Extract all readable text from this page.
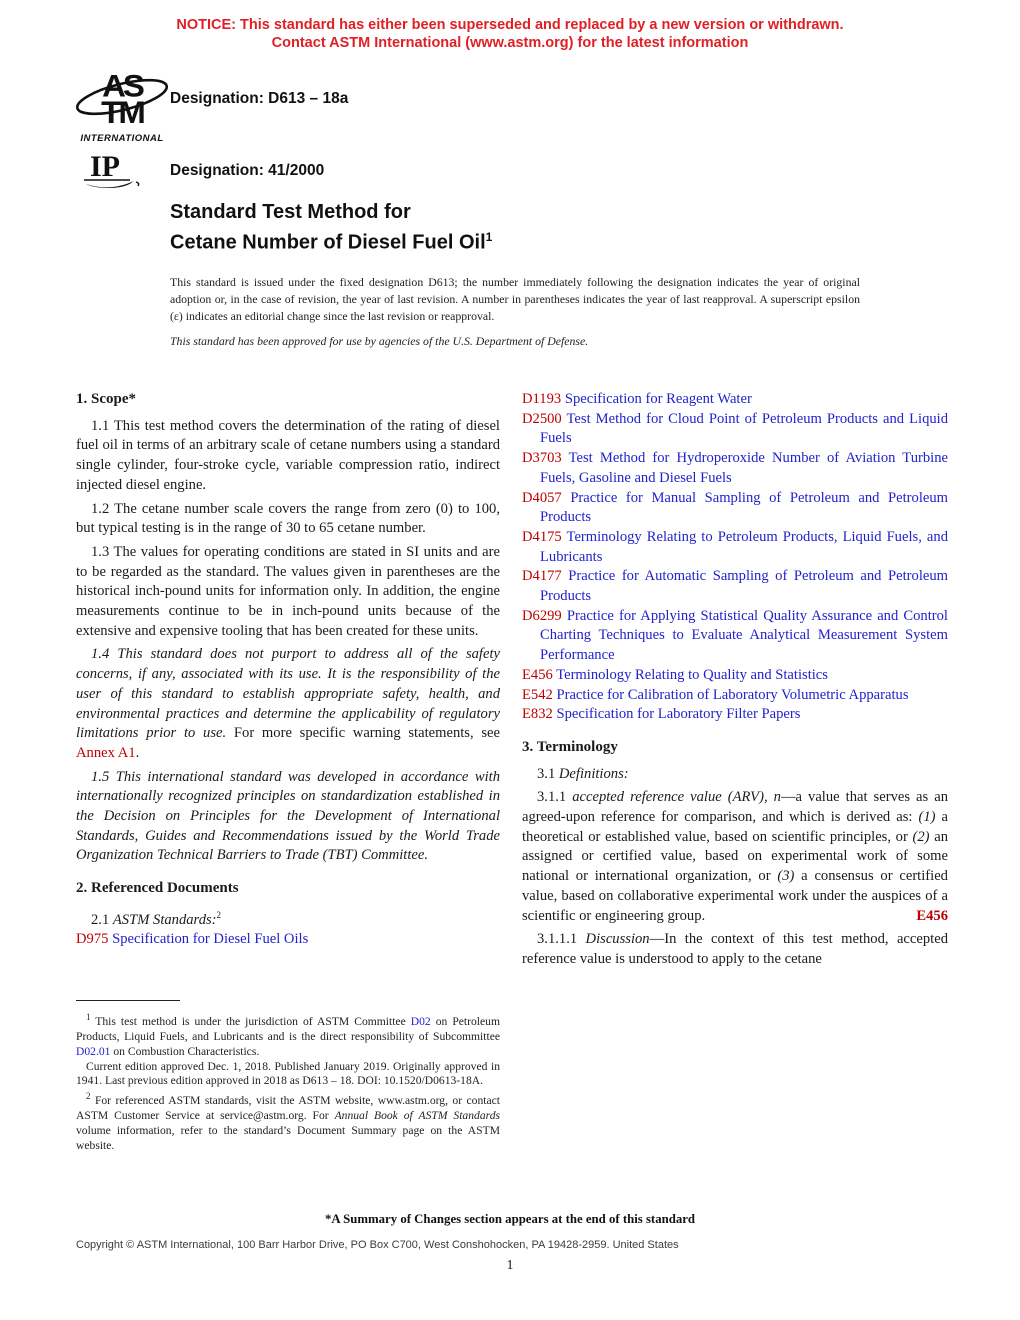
NOTICE: This standard has either been superseded and replaced by a new version or withdrawn.
Contact ASTM International (www.astm.org) for the latest information
AS
TM
INTERNATIONAL
IP
Designation: D613 – 18a
Designation: 41/2000
Standard Test Method for
Cetane Number of Diesel Fuel Oil$^1$
This standard is issued under the fixed designation D613; the number immediately following the designation indicates the year of original adoption or, in the case of revision, the year of last revision. A number in parentheses indicates the year of last reapproval. A superscript epsilon (ε) indicates an editorial change since the last revision or reapproval.
This standard has been approved for use by agencies of the U.S. Department of Defense.
1. Scope*

1.1 This test method covers the determination of the rating of diesel fuel oil in terms of an arbitrary scale of cetane numbers using a standard single cylinder, four-stroke cycle, variable compression ratio, indirect injected diesel engine.

1.2 The cetane number scale covers the range from zero (0) to 100, but typical testing is in the range of 30 to 65 cetane number.

1.3 The values for operating conditions are stated in SI units and are to be regarded as the standard. The values given in parentheses are the historical inch-pound units for information only. In addition, the engine measurements continue to be in inch-pound units because of the extensive and expensive tooling that has been created for these units.

1.4 This standard does not purport to address all of the safety concerns, if any, associated with its use. It is the responsibility of the user of this standard to establish appropriate safety, health, and environmental practices and determine the applicability of regulatory limitations prior to use. For more specific warning statements, see Annex A1.

1.5 This international standard was developed in accordance with internationally recognized principles on standardization established in the Decision on Principles for the Development of International Standards, Guides and Recommendations issued by the World Trade Organization Technical Barriers to Trade (TBT) Committee.

2. Referenced Documents

2.1 ASTM Standards:$^2$

D975 Specification for Diesel Fuel Oils
D1193 Specification for Reagent Water
D2500 Test Method for Cloud Point of Petroleum Products and Liquid Fuels
D3703 Test Method for Hydroperoxide Number of Aviation Turbine Fuels, Gasoline and Diesel Fuels
D4057 Practice for Manual Sampling of Petroleum and Petroleum Products
D4175 Terminology Relating to Petroleum Products, Liquid Fuels, and Lubricants
D4177 Practice for Automatic Sampling of Petroleum and Petroleum Products
D6299 Practice for Applying Statistical Quality Assurance and Control Charting Techniques to Evaluate Analytical Measurement System Performance
E456 Terminology Relating to Quality and Statistics
E542 Practice for Calibration of Laboratory Volumetric Apparatus
E832 Specification for Laboratory Filter Papers
3. Terminology

3.1 Definitions:

3.1.1 accepted reference value (ARV), n—a value that serves as an agreed-upon reference for comparison, and which is derived as: (1) a theoretical or established value, based on scientific principles, or (2) an assigned or certified value, based on experimental work of some national or international organization, or (3) a consensus or certified value, based on collaborative experimental work under the auspices of a scientific or engineering group.	E456

3.1.1.1 Discussion—In the context of this test method, accepted reference value is understood to apply to the cetane

$^1$ This test method is under the jurisdiction of ASTM Committee D02 on Petroleum Products, Liquid Fuels, and Lubricants and is the direct responsibility of Subcommittee D02.01 on Combustion Characteristics.

Current edition approved Dec. 1, 2018. Published January 2019. Originally approved in 1941. Last previous edition approved in 2018 as D613 – 18. DOI: 10.1520/D0613-18A.

$^2$ For referenced ASTM standards, visit the ASTM website, www.astm.org, or contact ASTM Customer Service at service@astm.org. For Annual Book of ASTM Standards volume information, refer to the standard’s Document Summary page on the ASTM website.

*A Summary of Changes section appears at the end of this standard
Copyright © ASTM International, 100 Barr Harbor Drive, PO Box C700, West Conshohocken, PA 19428-2959. United States
1
